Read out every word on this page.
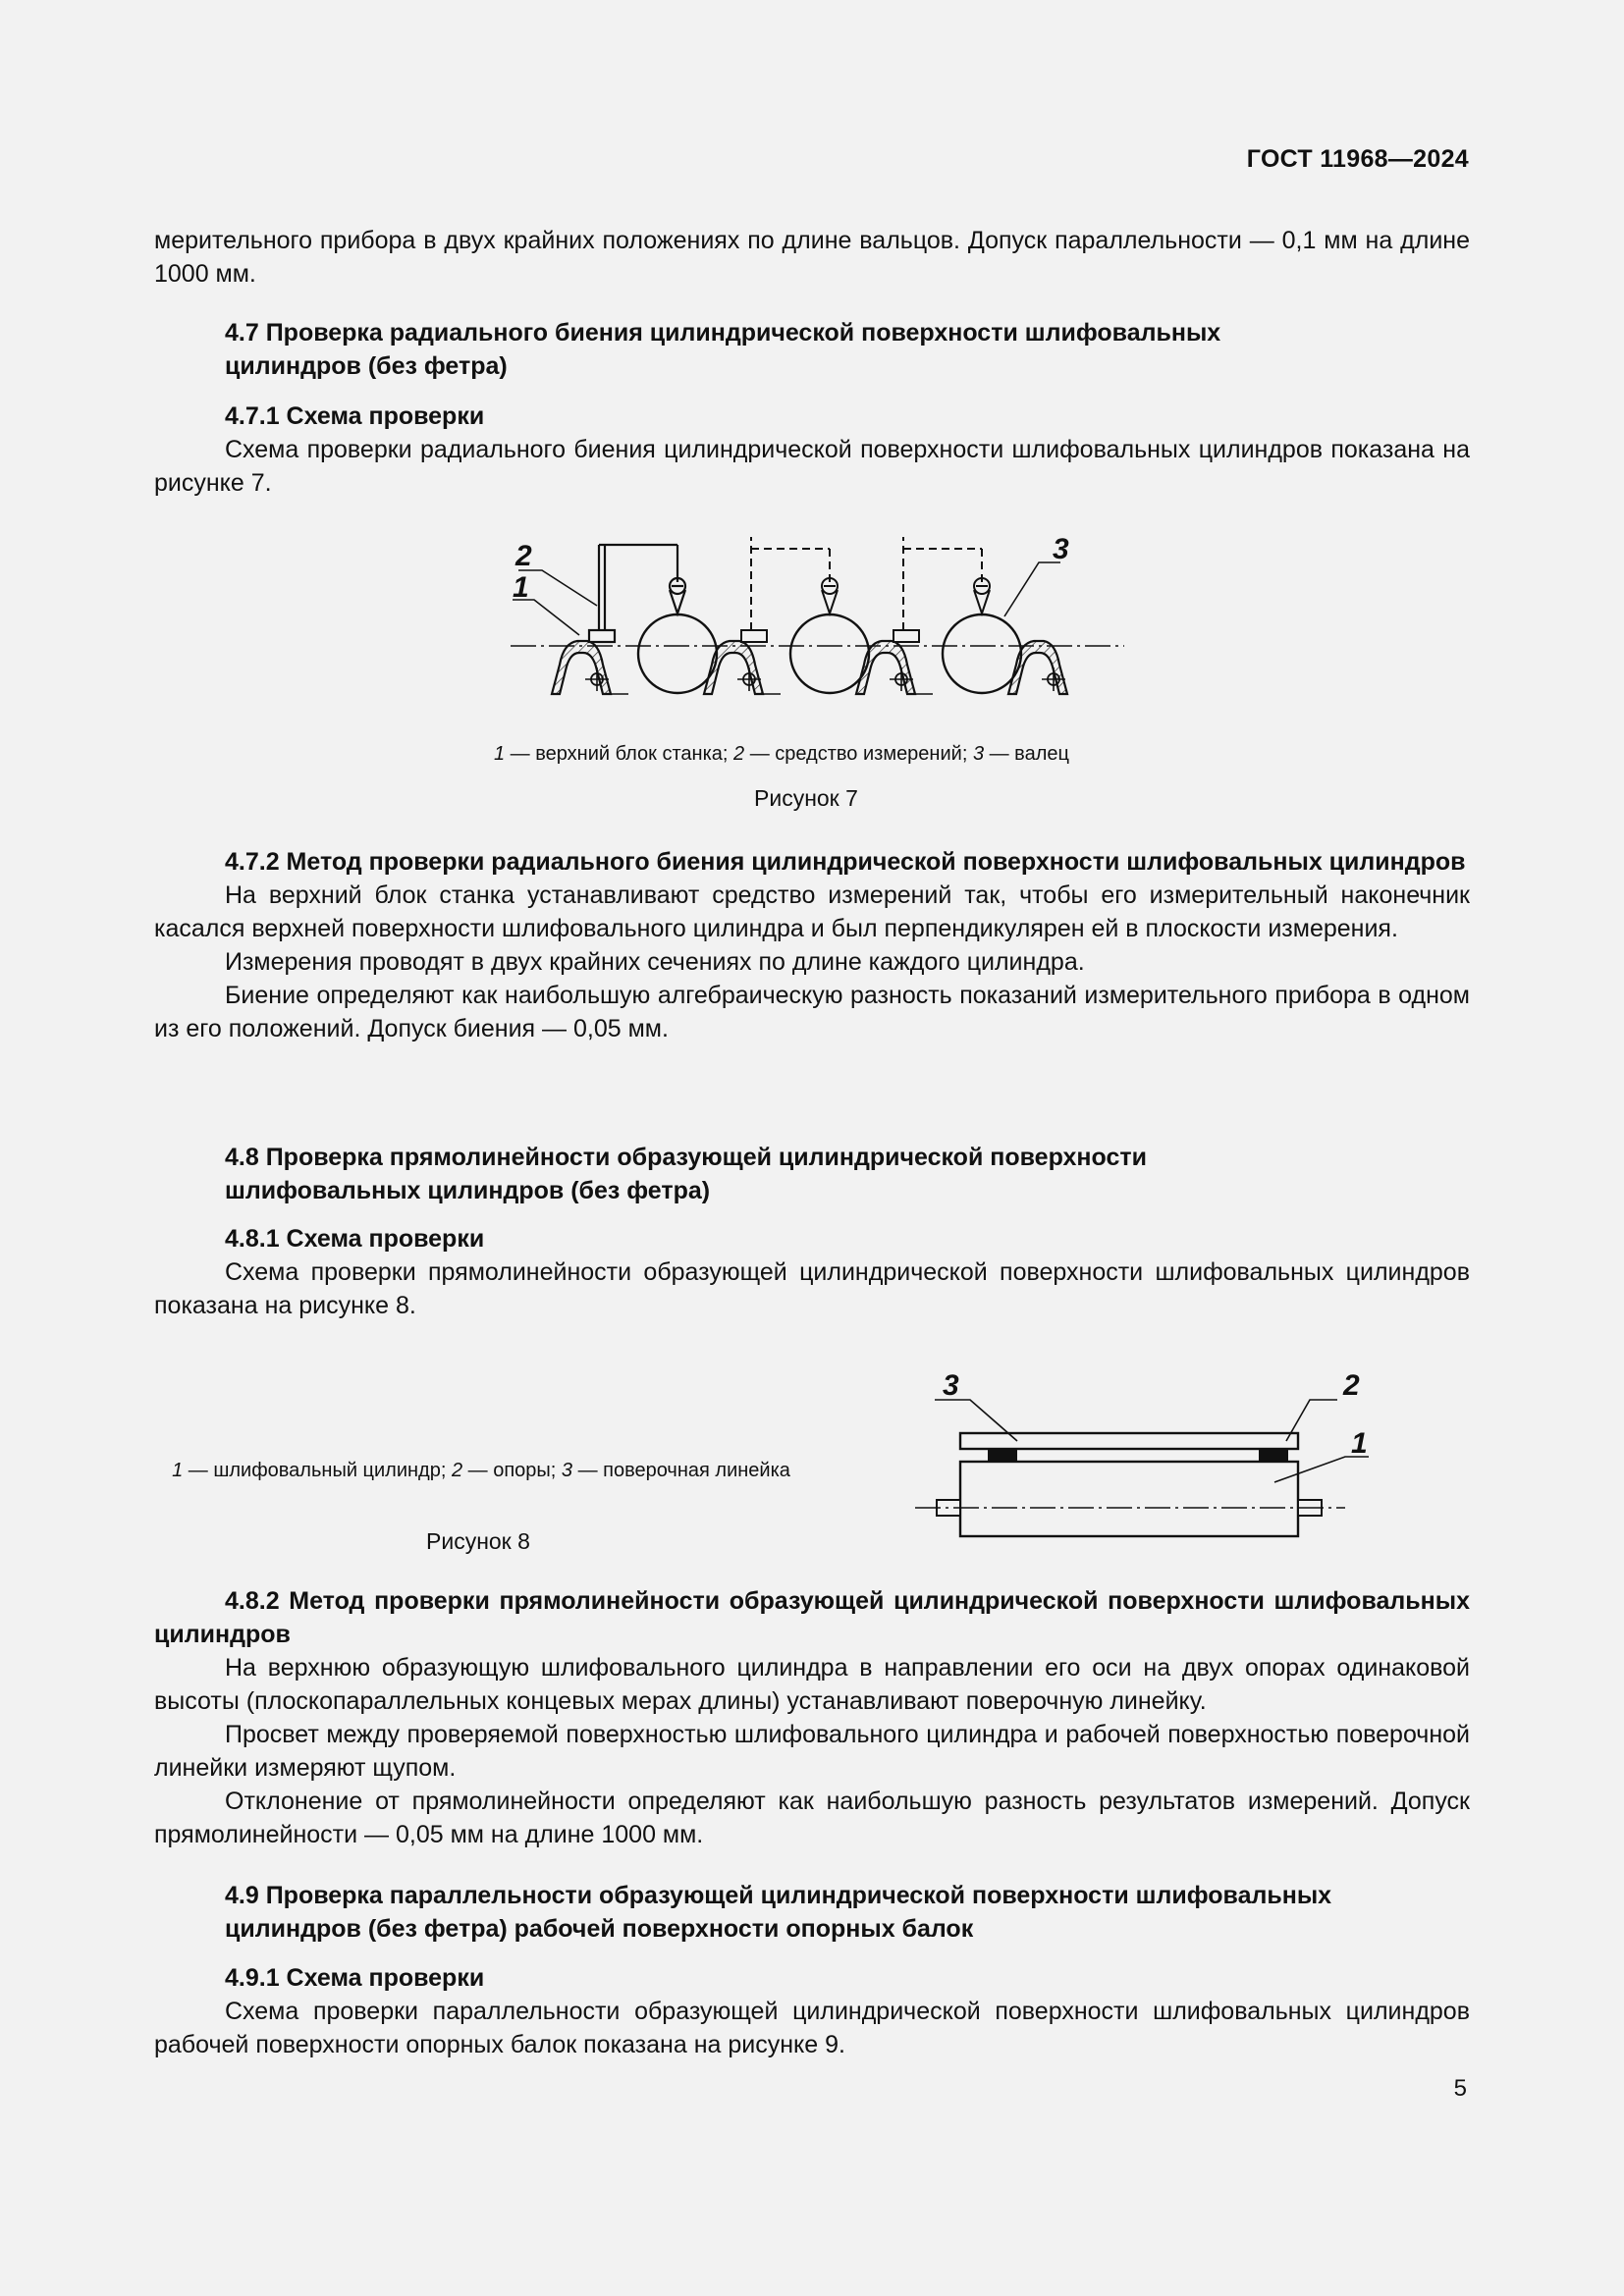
ГОСТ 11968—2024
мерительного прибора в двух крайних положениях по длине вальцов. Допуск параллельности — 0,1 мм на длине 1000 мм.
4.7 Проверка радиального биения цилиндрической поверхности шлифовальных
цилиндров (без фетра)
4.7.1 Схема проверки
Схема проверки радиального биения цилиндрической поверхности шлифовальных цилиндров показана на рисунке 7.
2
1
3
1 — верхний блок станка; 2 — средство измерений; 3 — валец
Рисунок 7
4.7.2 Метод проверки радиального биения цилиндрической поверхности шлифовальных цилиндров
На верхний блок станка устанавливают средство измерений так, чтобы его измерительный наконечник касался верхней поверхности шлифовального цилиндра и был перпендикулярен ей в плоскости измерения.
Измерения проводят в двух крайних сечениях по длине каждого цилиндра.
Биение определяют как наибольшую алгебраическую разность показаний измерительного прибора в одном из его положений. Допуск биения — 0,05 мм.
4.8 Проверка прямолинейности образующей цилиндрической поверхности
шлифовальных цилиндров (без фетра)
4.8.1 Схема проверки
Схема проверки прямолинейности образующей цилиндрической поверхности шлифовальных цилиндров показана на рисунке 8.
1 — шлифовальный цилиндр; 2 — опоры; 3 — поверочная линейка
Рисунок 8
3	2
1
4.8.2 Метод проверки прямолинейности образующей цилиндрической поверхности шлифовальных цилиндров
На верхнюю образующую шлифовального цилиндра в направлении его оси на двух опорах одинаковой высоты (плоскопараллельных концевых мерах длины) устанавливают поверочную линейку.
Просвет между проверяемой поверхностью шлифовального цилиндра и рабочей поверхностью поверочной линейки измеряют щупом.
Отклонение от прямолинейности определяют как наибольшую разность результатов измерений. Допуск прямолинейности — 0,05 мм на длине 1000 мм.
4.9 Проверка параллельности образующей цилиндрической поверхности шлифовальных
цилиндров (без фетра) рабочей поверхности опорных балок
4.9.1 Схема проверки
Схема проверки параллельности образующей цилиндрической поверхности шлифовальных цилиндров рабочей поверхности опорных балок показана на рисунке 9.
5
